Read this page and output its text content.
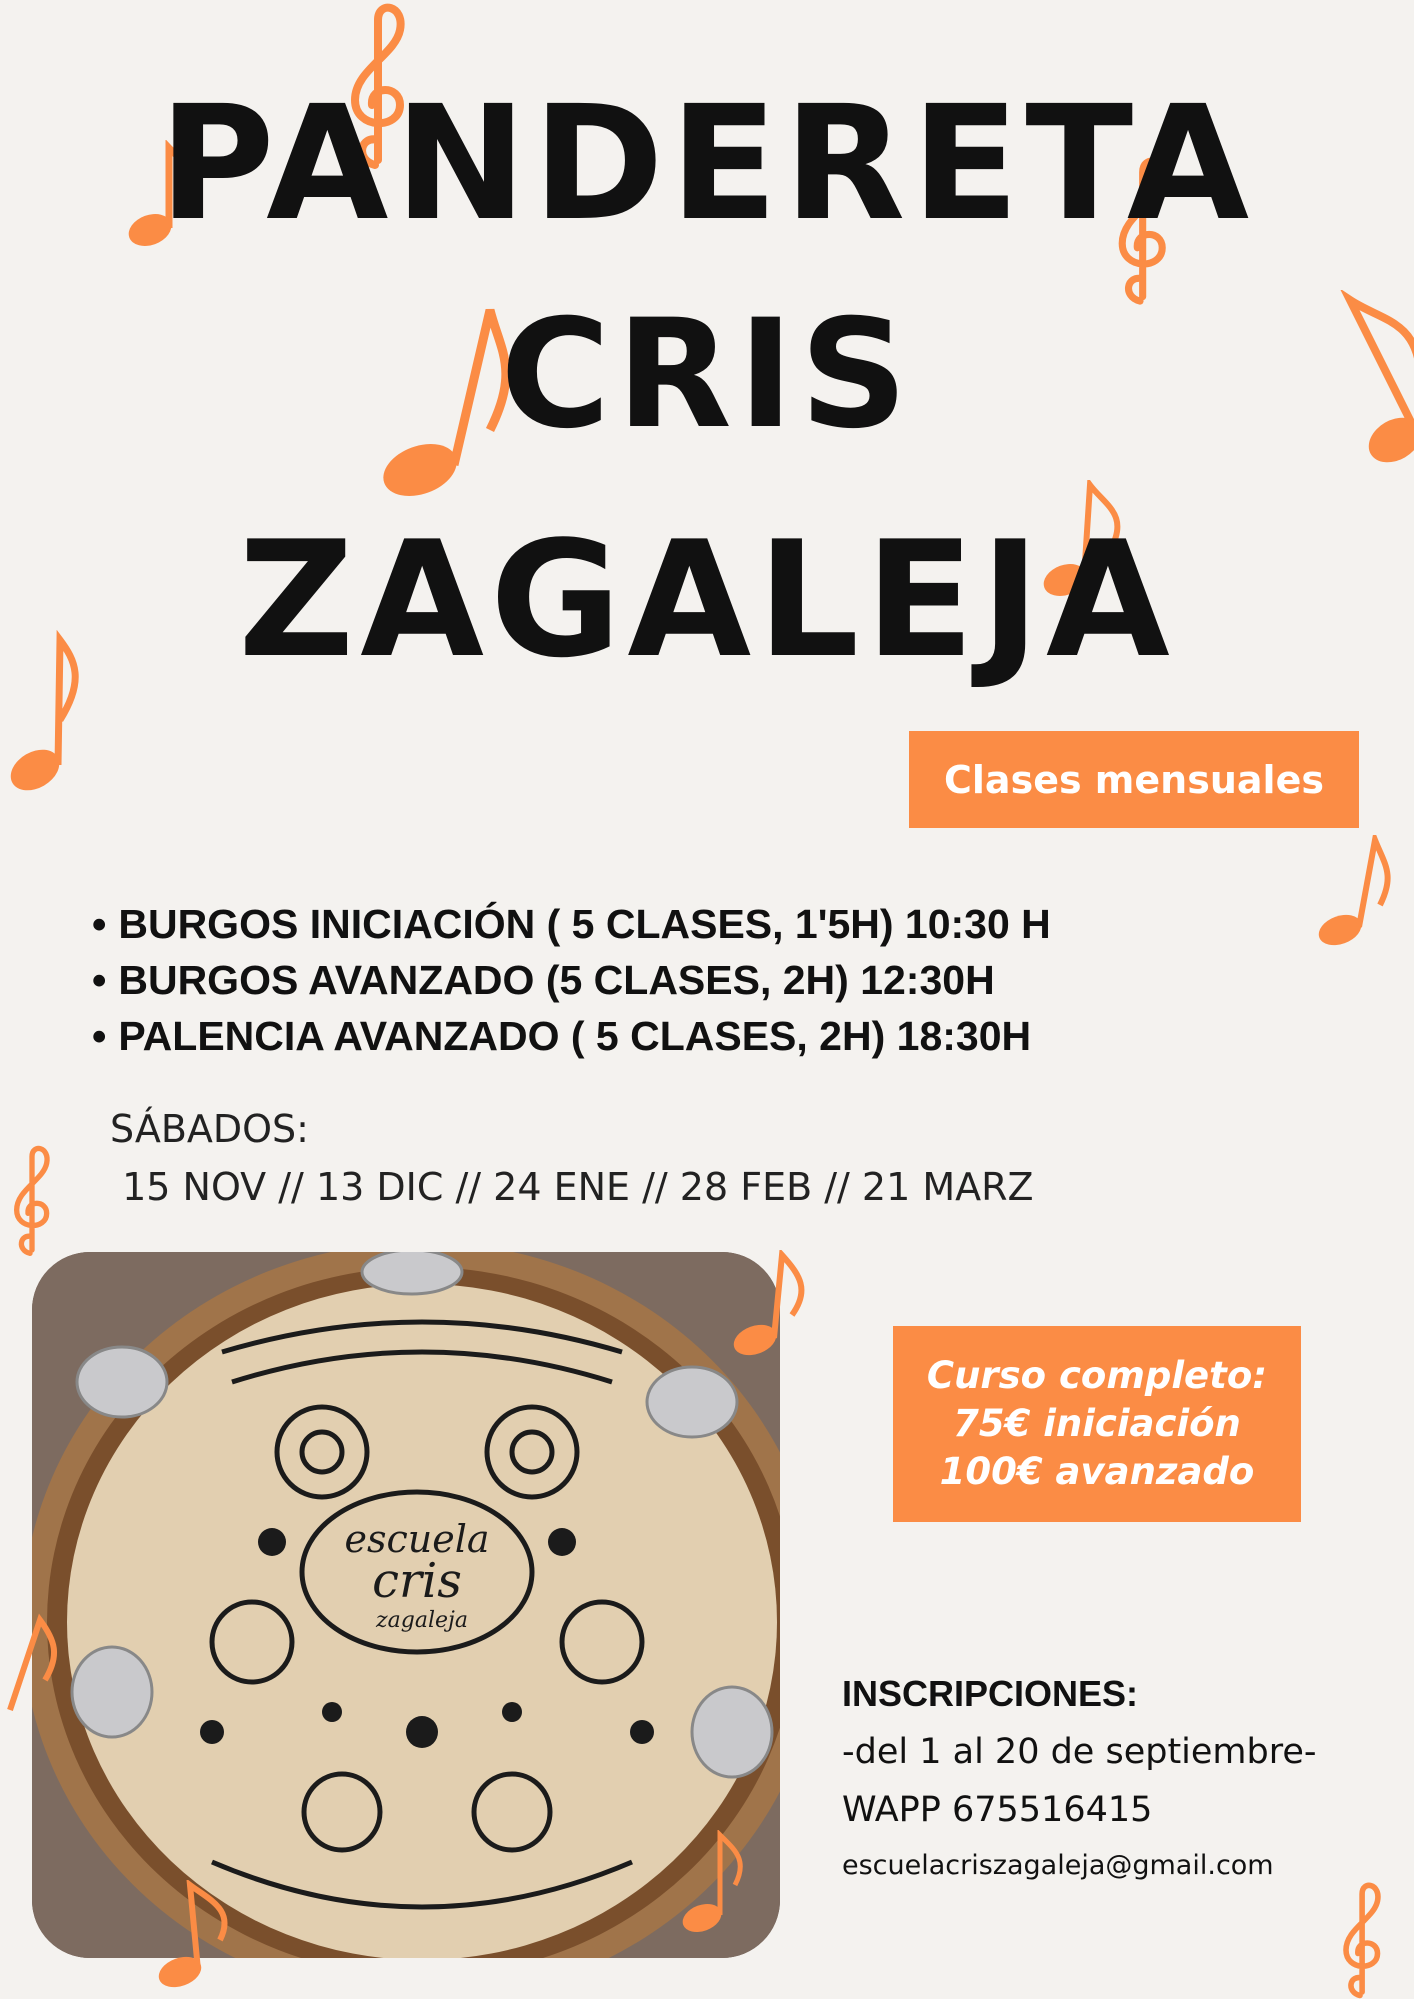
PANDERETA
CRIS
ZAGALEJA
Clases mensuales
• BURGOS INICIACIÓN ( 5 CLASES, 1'5H) 10:30 H
• BURGOS AVANZADO (5 CLASES, 2H) 12:30H
• PALENCIA AVANZADO ( 5 CLASES, 2H) 18:30H
SÁBADOS:
15 NOV // 13 DIC // 24 ENE // 28 FEB // 21 MARZ
escuela
cris
zagaleja
Curso completo:
75€ iniciación
100€ avanzado
INSCRIPCIONES:
-del 1 al 20 de septiembre-
WAPP 675516415
escuelacriszagaleja@gmail.com
